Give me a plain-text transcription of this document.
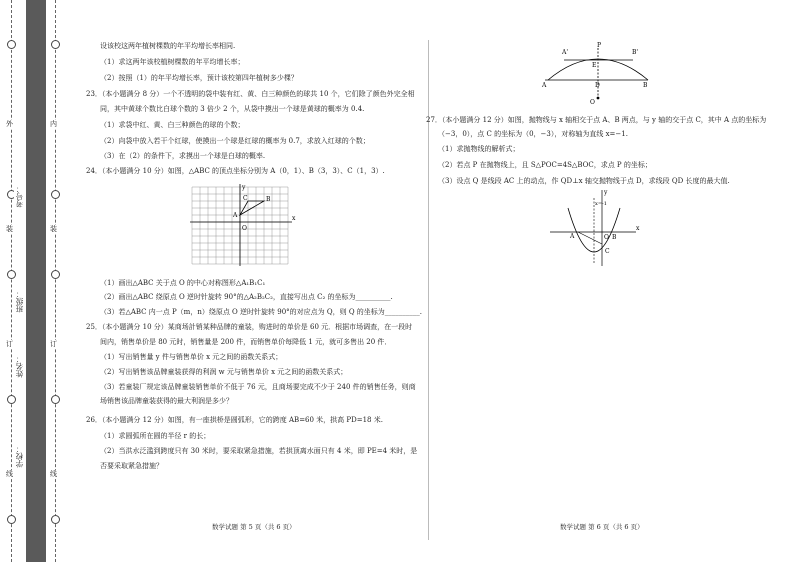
外
装
订
线
学校：
姓名：
班级：
考号：
内
装
订
线
设该校这两年植树棵数的年平均增长率相同.
（1）求这两年该校植树棵数的年平均增长率；
（2）按照（1）的年平均增长率，预计该校第四年植树多少棵？
23．（本小题满分 8 分）一个不透明的袋中装有红、黄、白三种颜色的球共 10 个，它们除了颜色外完全相
同，其中黄球个数比白球个数的 3 倍少 2 个，从袋中摸出一个球是黄球的概率为 0.4.
（1）求袋中红、黄、白三种颜色的球的个数；
（2）向袋中放入若干个红球，使摸出一个球是红球的概率为 0.7，求放入红球的个数；
（3）在（2）的条件下，求摸出一个球是白球的概率.
24．（本小题满分 10 分）如图，△ABC 的顶点坐标分别为 A（0，1）、B（3，3）、C（1，3）.
x
y
O
A
B
C
（1）画出△ABC 关于点 O 的中心对称图形△A₁B₁C₁
（2）画出△ABC 绕原点 O 逆时针旋转 90°的△A₂B₂C₂，直接写出点 C₂ 的坐标为__________.
（3）若△ABC 内一点 P（m，n）绕原点 O 逆时针旋转 90°的对应点为 Q，则 Q 的坐标为__________.
25．（本小题满分 10 分）某商场計销某种品牌的童装，购进时的单价是 60 元．根据市场调查，在一段时
间内，销售单价是 80 元时，销售量是 200 件，而销售单价每降低 1 元，就可多售出 20 件．
（1）写出销售量 y 件与销售单价 x 元之间的函数关系式；
（2）写出销售该品牌童装获得的利润 w 元与销售单价 x 元之间的函数关系式；
（3）若童装厂规定该品牌童装销售单价不低于 76 元，且商场要完成不少于 240 件的销售任务，则商
场销售该品牌童装获得的最大利润是多少？
26．（本小题满分 12 分）如图，有一座拱桥是圆弧形，它的跨度 AB=60 米，拱高 PD=18 米.
（1）求圆弧所在圆的半径 r 的长；
（2）当洪水泛滥到跨度只有 30 米时，要采取紧急措施，若拱顶离水面只有 4 米，即 PE=4 米时，是
否要采取紧急措施？
数学试题 第 5 页（共 6 页）
A'
P
B'
E
A	D	B
O
27．（本小题满分 12 分）如图，抛物线与 x 轴相交于点 A、B 两点，与 y 轴的交于点 C，其中 A 点的坐标为
（−3，0），点 C 的坐标为（0，−3），对称轴为直线 x=−1.
（1）求抛物线的解析式；
（2）若点 P 在抛物线上，且 S△POC=4S△BOC，求点 P 的坐标；
（3）设点 Q 是线段 AC 上的动点，作 QD⊥x 轴交抛物线于点 D，求线段 QD 长度的最大值.
x
y
x=-1
A	O B
C
数学试题 第 6 页（共 6 页）
